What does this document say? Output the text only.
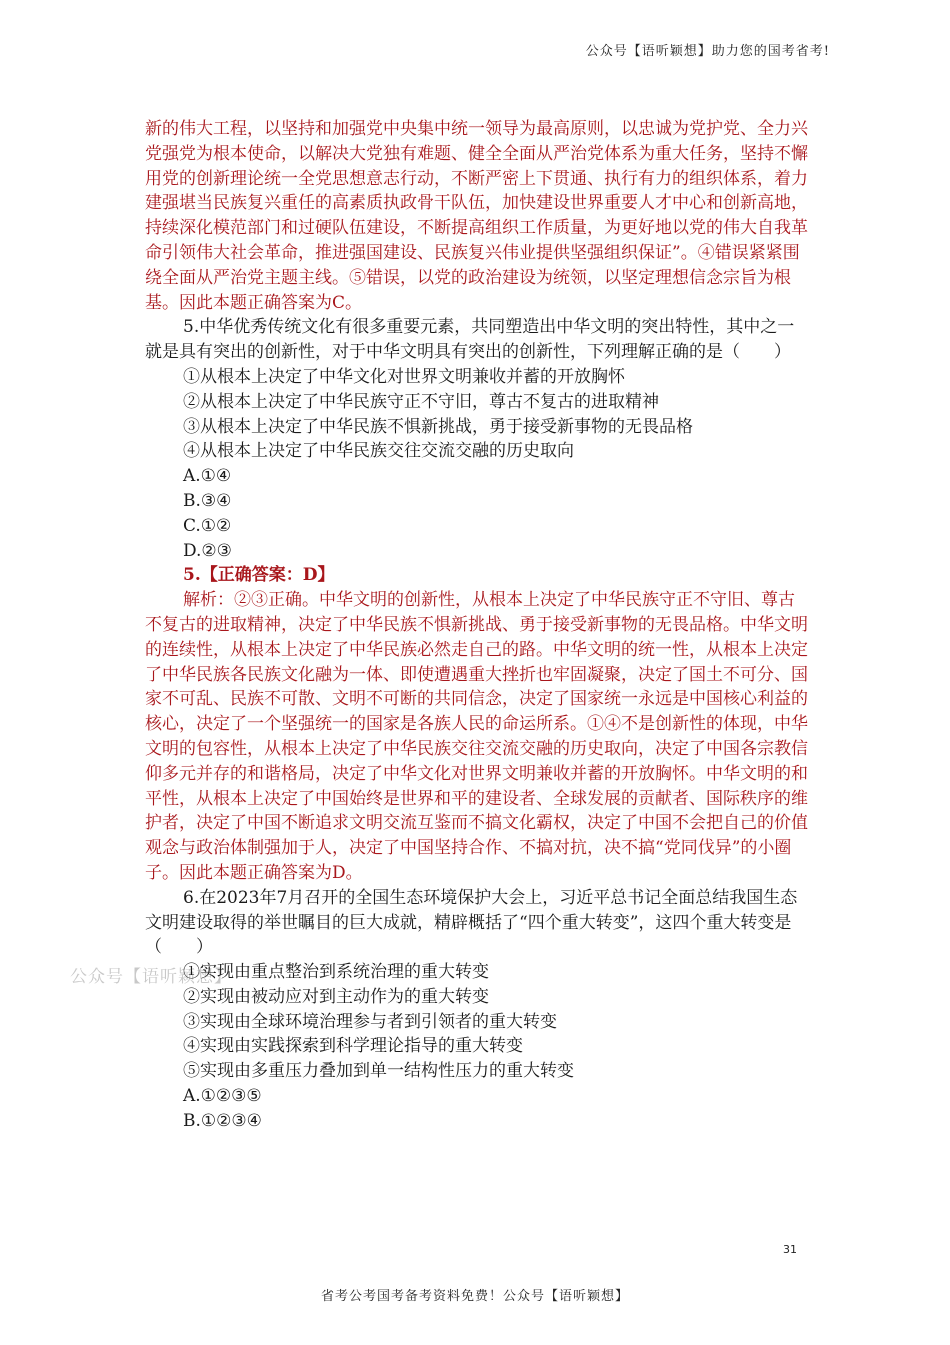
公众号【语听颖想】助力您的国考省考!
公众号【语听颖想】

新的伟大工程，以坚持和加强党中央集中统一领导为最高原则，以忠诚为党护党、全力兴党强党为根本使命，以解决大党独有难题、健全全面从严治党体系为重大任务，坚持不懈用党的创新理论统一全党思想意志行动，不断严密上下贯通、执行有力的组织体系，着力建强堪当民族复兴重任的高素质执政骨干队伍，加快建设世界重要人才中心和创新高地，持续深化模范部门和过硬队伍建设，不断提高组织工作质量，为更好地以党的伟大自我革命引领伟大社会革命，推进强国建设、民族复兴伟业提供坚强组织保证”。④错误紧紧围绕全面从严治党主题主线。⑤错误，以党的政治建设为统领，以坚定理想信念宗旨为根基。因此本题正确答案为C。

5.中华优秀传统文化有很多重要元素，共同塑造出中华文明的突出特性，其中之一就是具有突出的创新性，对于中华文明具有突出的创新性，下列理解正确的是（　　）

①从根本上决定了中华文化对世界文明兼收并蓄的开放胸怀

②从根本上决定了中华民族守正不守旧，尊古不复古的进取精神

③从根本上决定了中华民族不惧新挑战，勇于接受新事物的无畏品格

④从根本上决定了中华民族交往交流交融的历史取向

A.①④

B.③④

C.①②

D.②③

5.【正确答案：D】

解析：②③正确。中华文明的创新性，从根本上决定了中华民族守正不守旧、尊古不复古的进取精神，决定了中华民族不惧新挑战、勇于接受新事物的无畏品格。中华文明的连续性，从根本上决定了中华民族必然走自己的路。中华文明的统一性，从根本上决定了中华民族各民族文化融为一体、即使遭遇重大挫折也牢固凝聚，决定了国土不可分、国家不可乱、民族不可散、文明不可断的共同信念，决定了国家统一永远是中国核心利益的核心，决定了一个坚强统一的国家是各族人民的命运所系。①④不是创新性的体现，中华文明的包容性，从根本上决定了中华民族交往交流交融的历史取向，决定了中国各宗教信仰多元并存的和谐格局，决定了中华文化对世界文明兼收并蓄的开放胸怀。中华文明的和平性，从根本上决定了中国始终是世界和平的建设者、全球发展的贡献者、国际秩序的维护者，决定了中国不断追求文明交流互鉴而不搞文化霸权，决定了中国不会把自己的价值观念与政治体制强加于人，决定了中国坚持合作、不搞对抗，决不搞“党同伐异”的小圈子。因此本题正确答案为D。

6.在2023年7月召开的全国生态环境保护大会上，习近平总书记全面总结我国生态文明建设取得的举世瞩目的巨大成就，精辟概括了“四个重大转变”，这四个重大转变是（　　）

①实现由重点整治到系统治理的重大转变

②实现由被动应对到主动作为的重大转变

③实现由全球环境治理参与者到引领者的重大转变

④实现由实践探索到科学理论指导的重大转变

⑤实现由多重压力叠加到单一结构性压力的重大转变

A.①②③⑤

B.①②③④

31
省考公考国考备考资料免费！公众号【语听颖想】
